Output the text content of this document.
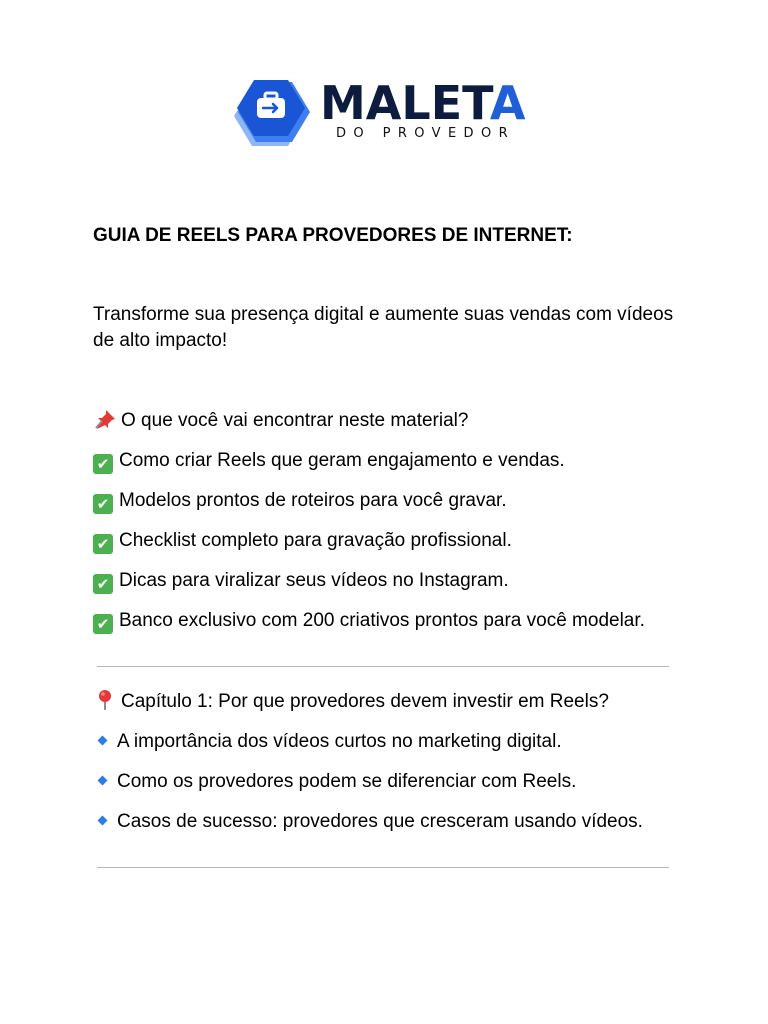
MALETA
DO PROVEDOR
GUIA DE REELS PARA PROVEDORES DE INTERNET:

Transforme sua presença digital e aumente suas vendas com vídeos de alto impacto!

O que você vai encontrar neste material?

✔ Como criar Reels que geram engajamento e vendas.

✔ Modelos prontos de roteiros para você gravar.

✔ Checklist completo para gravação profissional.

✔ Dicas para viralizar seus vídeos no Instagram.

✔ Banco exclusivo com 200 criativos prontos para você modelar.

Capítulo 1: Por que provedores devem investir em Reels?

A importância dos vídeos curtos no marketing digital.

Como os provedores podem se diferenciar com Reels.

Casos de sucesso: provedores que cresceram usando vídeos.
